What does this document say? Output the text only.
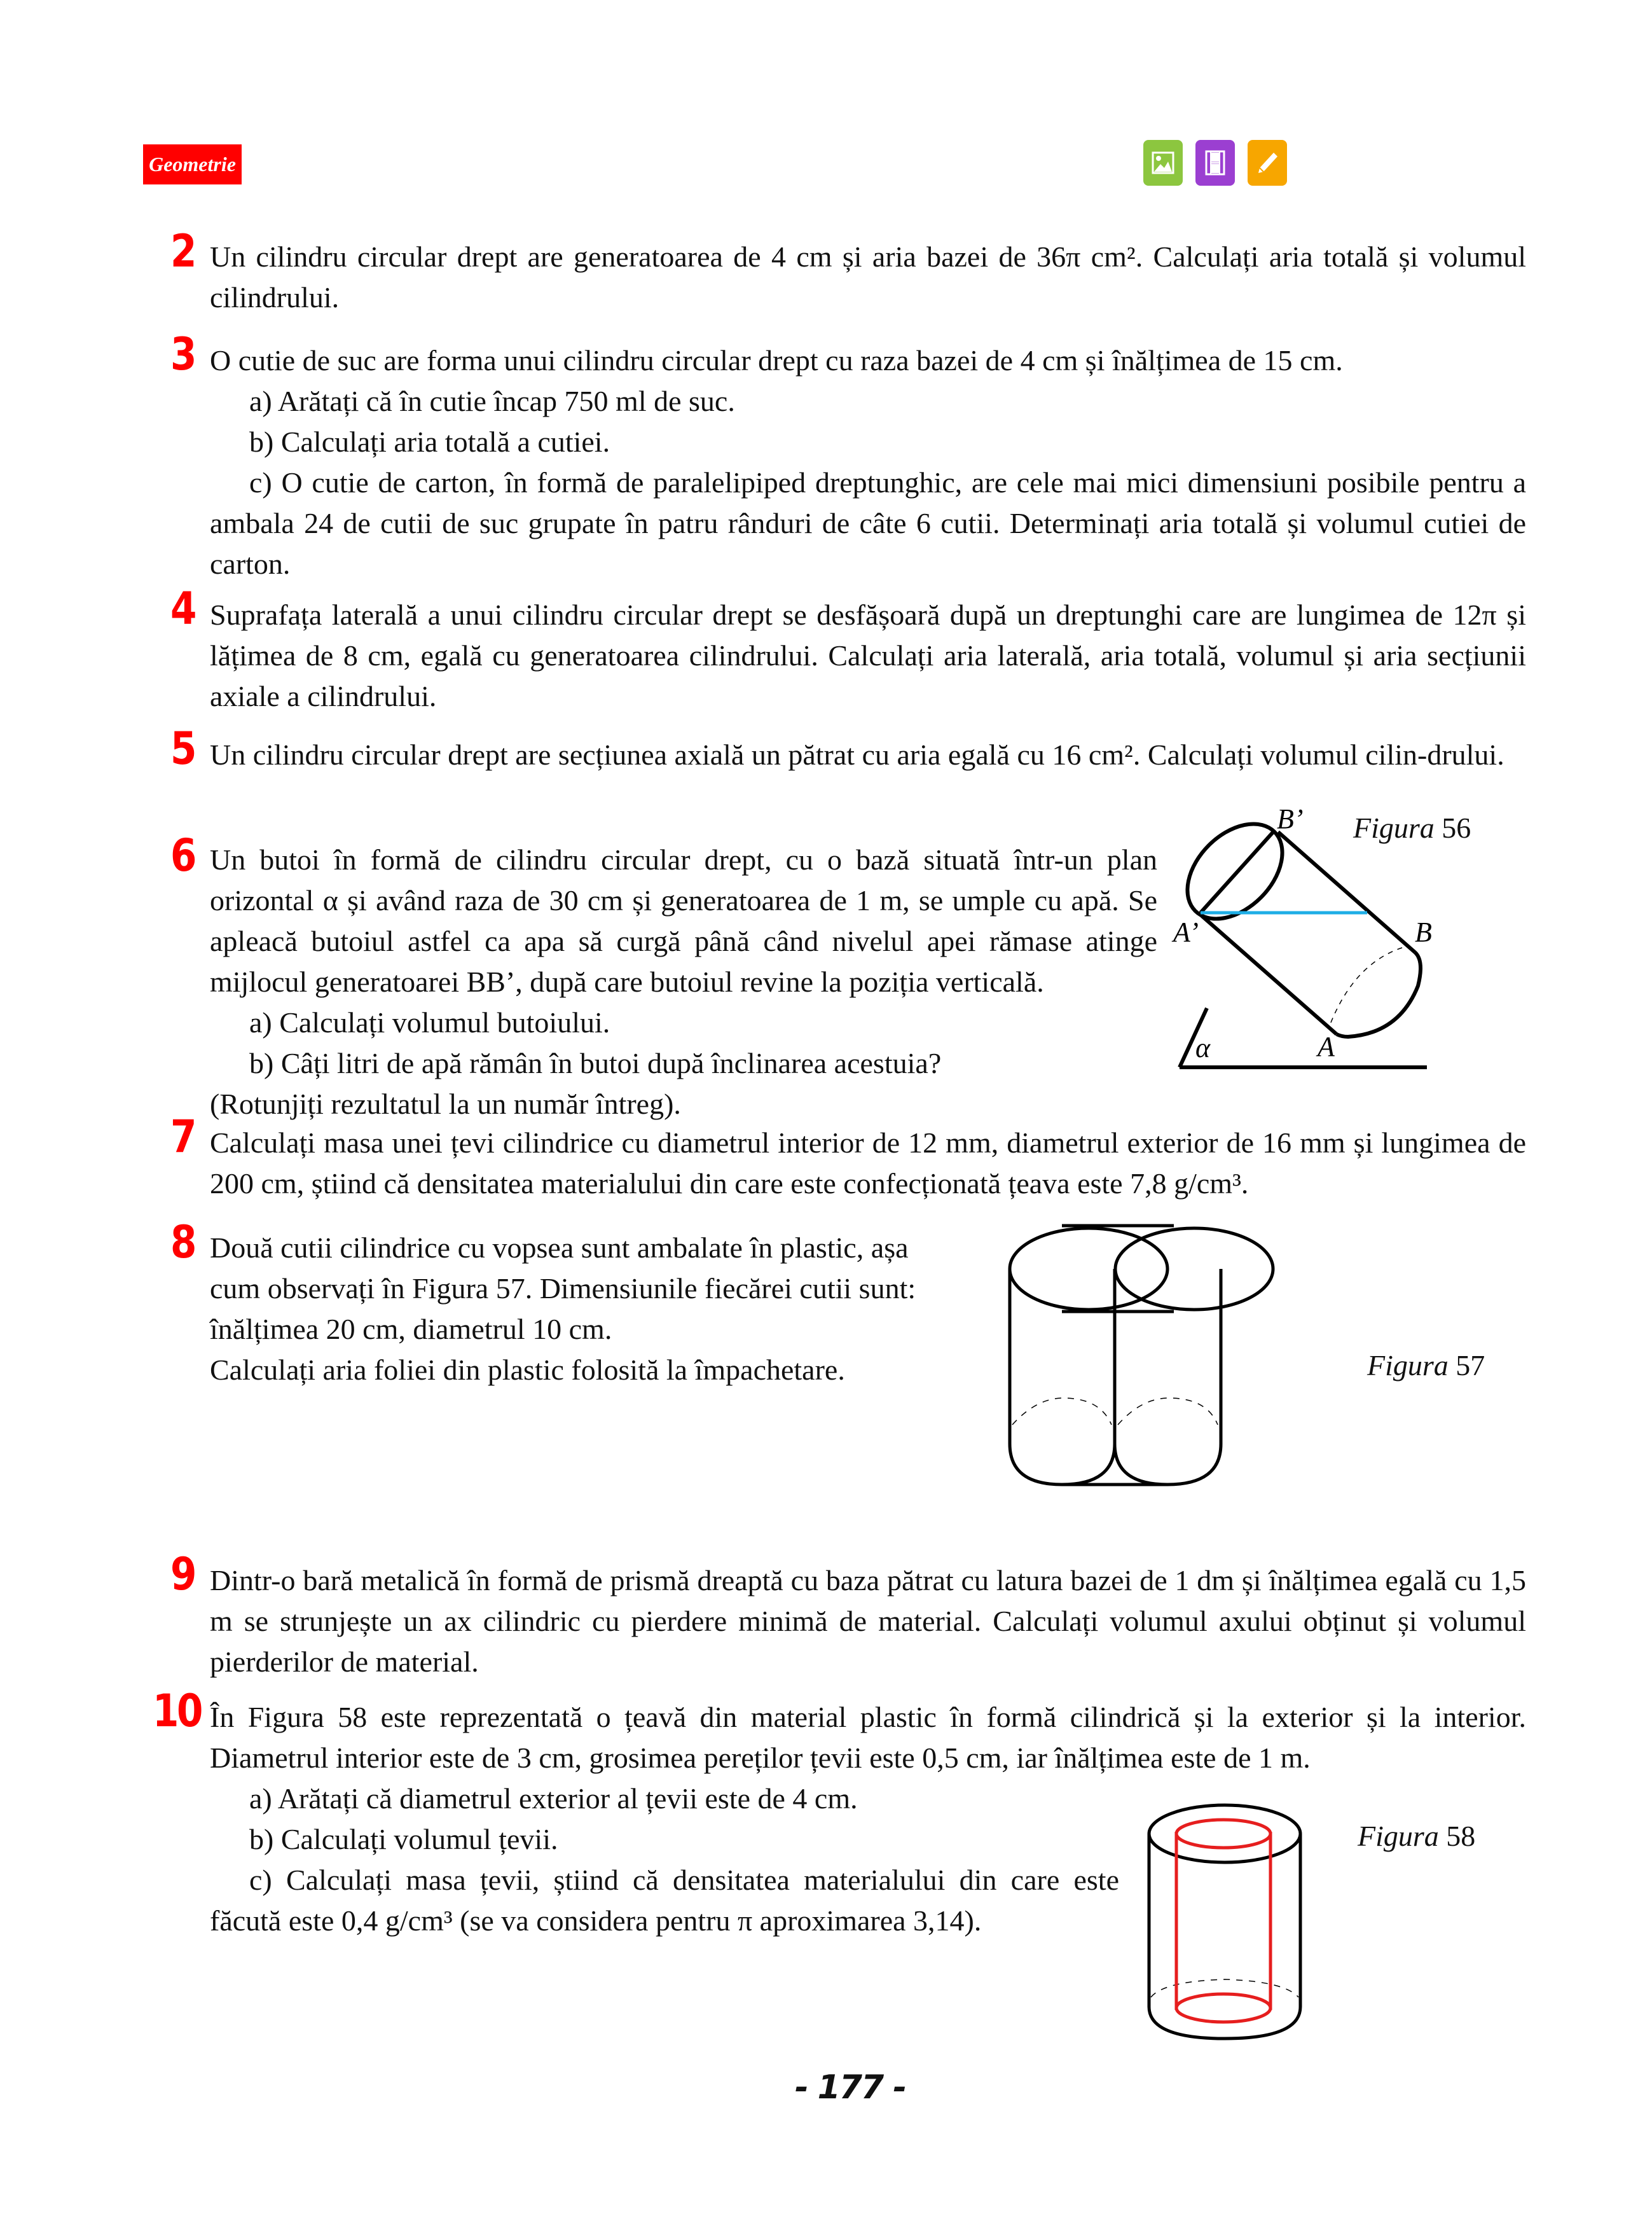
Geometrie
2 Un cilindru circular drept are generatoarea de 4 cm și aria bazei de 36π cm². Calculați aria totală și volumul cilindrului.
3 O cutie de suc are forma unui cilindru circular drept cu raza bazei de 4 cm și înălțimea de 15 cm.
a) Arătați că în cutie încap 750 ml de suc.
b) Calculați aria totală a cutiei.
c) O cutie de carton, în formă de paralelipiped dreptunghic, are cele mai mici dimensiuni posibile pentru a ambala 24 de cutii de suc grupate în patru rânduri de câte 6 cutii. Determinați aria totală și volumul cutiei de carton.
4 Suprafața laterală a unui cilindru circular drept se desfășoară după un dreptunghi care are lungimea de 12π și lățimea de 8 cm, egală cu generatoarea cilindrului. Calculați aria laterală, aria totală, volumul și aria secțiunii axiale a cilindrului.
5 Un cilindru circular drept are secțiunea axială un pătrat cu aria egală cu 16 cm². Calculați volumul cilin-drului.
6 Un butoi în formă de cilindru circular drept, cu o bază situată într-un plan orizontal α și având raza de 30 cm și generatoarea de 1 m, se umple cu apă. Se apleacă butoiul astfel ca apa să curgă până când nivelul apei rămase atinge mijlocul generatoarei BB’, după care butoiul revine la poziția verticală.
a) Calculați volumul butoiului.
b) Câți litri de apă rămân în butoi după înclinarea acestuia?
(Rotunjiți rezultatul la un număr întreg).
B’
A’	B
A
α
Figura 56
7 Calculați masa unei țevi cilindrice cu diametrul interior de 12 mm, diametrul exterior de 16 mm și lungimea de 200 cm, știind că densitatea materialului din care este confecționată țeava este 7,8 g/cm³.
8 Două cutii cilindrice cu vopsea sunt ambalate în plastic, așa
cum observați în Figura 57. Dimensiunile fiecărei cutii sunt:
înălțimea 20 cm, diametrul 10 cm.
Calculați aria foliei din plastic folosită la împachetare.	Figura 57
9 Dintr-o bară metalică în formă de prismă dreaptă cu baza pătrat cu latura bazei de 1 dm și înălțimea egală cu 1,5 m se strunjește un ax cilindric cu pierdere minimă de material. Calculați volumul axului obținut și volumul pierderilor de material.
10 În Figura 58 este reprezentată o țeavă din material plastic în formă cilindrică și la exterior și la interior. Diametrul interior este de 3 cm, grosimea pereților țevii este 0,5 cm, iar înălțimea este de 1 m.
a) Arătați că diametrul exterior al țevii este de 4 cm.
b) Calculați volumul țevii.
c) Calculați masa țevii, știind că densitatea materialului din care este făcută este 0,4 g/cm³ (se va considera pentru π aproximarea 3,14).
Figura 58
- 177 -
